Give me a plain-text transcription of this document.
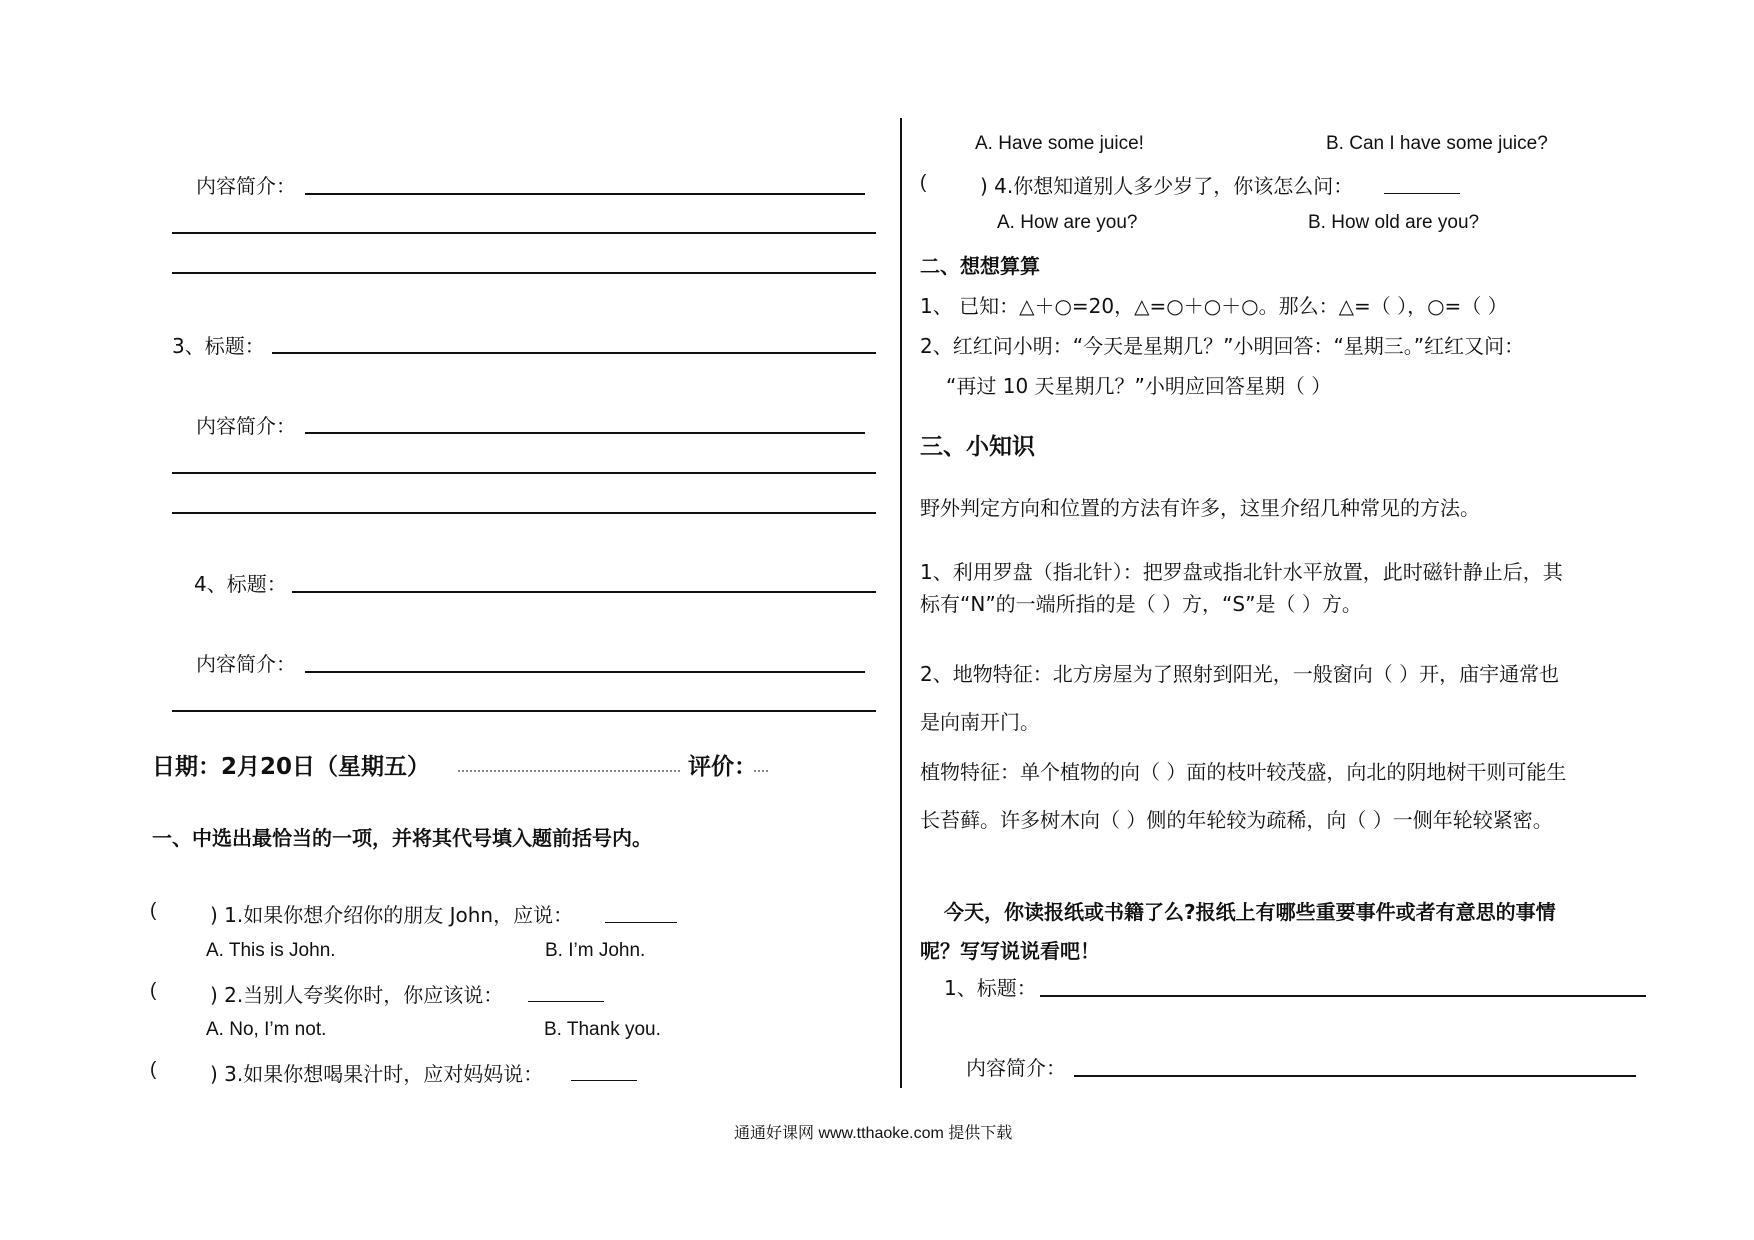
内容简介：
3、标题：
内容简介：
4、标题：
内容简介：
日期：2月20日（星期五）	评价：
一、中选出最恰当的一项，并将其代号填入题前括号内。
(	) 1.如果你想介绍你的朋友 John，应说：
A. This is John.	B. I’m John.
(	) 2.当别人夸奖你时，你应该说：
A. No, I’m not.	B. Thank you.
(	) 3.如果你想喝果汁时，应对妈妈说：
A. Have some juice!	B. Can I have some juice?
(	) 4.你想知道别人多少岁了，你该怎么问：
A. How are you?	B. How old are you?
二、想想算算
1、 已知：△＋○=20，△=○＋○＋○。那么：△=（ ），○=（ ）
2、红红问小明：“今天是星期几？”小明回答：“星期三。”红红又问：
“再过 10 天星期几？”小明应回答星期（ ）
三、小知识
野外判定方向和位置的方法有许多，这里介绍几种常见的方法。
1、利用罗盘（指北针）：把罗盘或指北针水平放置，此时磁针静止后，其
标有“N”的一端所指的是（ ）方，“S”是（ ）方。
2、地物特征：北方房屋为了照射到阳光，一般窗向（ ）开，庙宇通常也
是向南开门。
植物特征：单个植物的向（ ）面的枝叶较茂盛，向北的阴地树干则可能生
长苔藓。许多树木向（ ）侧的年轮较为疏稀，向（ ）一侧年轮较紧密。
今天，你读报纸或书籍了么?报纸上有哪些重要事件或者有意思的事情
呢？写写说说看吧！
1、标题：
内容简介：
通通好课网 www.tthaoke.com 提供下载
